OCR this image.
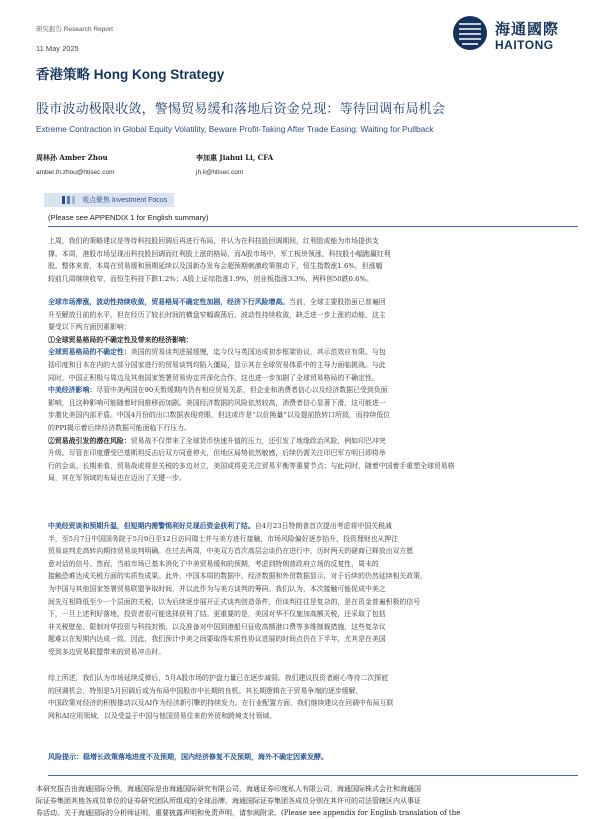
研究报告 Research Report
11 May 2025
海通國際
HAITONG
香港策略 Hong Kong Strategy
股市波动极限收敛，警惕贸易缓和落地后资金兑现：等待回调布局机会
Extreme Contraction in Global Equity Volatility, Beware Profit-Taking After Trade Easing: Waiting for Pullback
周林孙 Amber Zhou
amber.lh.zhou@htisec.com
李加惠 Jiahui Li, CFA
jh.li@htisec.com
观点聚焦 Investment Focus
(Please see APPENDIX 1 for English summary)
上周，我们的策略建议是等待科技股回调后再进行布局，并认为在科技股回调期间，红利股或能为市场提供支
撑。本周，港股市场呈现出科技股回调而红利股上涨的格局，而A股市场中，军工板块领涨，科技股小幅跑赢红利
股。整体来看，本周在贸易缓和预期延续以及国新办发布会超预期刺激政策推动下，恒生指数涨1.6%，但涨幅
较前几周继续收窄，而恒生科技下跌1.2%；A股上证综指涨1.9%，创业板指涨3.3%，两科创50跌0.6%。
全球市场滞涨，波动性持续收敛，贸易格局不确定性加剧，经济下行风险增高。当前，全球主要股指虽已普遍回
升至解放日前的水平，但在经历了较长时间的横盘窄幅震荡后，波动性持续收敛，缺乏进一步上涨的动能，这主
要受以下两方面因素影响：
①全球贸易格局的不确定性及带来的经济影响：
全球贸易格局的不确定性：美国的贸易谈判进展缓慢，迄今仅与英国达成初步框架协议，其示范效应有限。与包
括印度和日本在内的大部分国家进行的贸易谈判均陷入僵局，显示其在全球贸易体系中的主导力面临挑战。与此
同时，中国正积极与周边及其他国家签署贸易协定并深化合作，这也进一步加剧了全球贸易格局的不确定性。
中美经济影响：尽管中美两国在90天暂缓期内仍有相应贸易关系，但企业和消费者信心以及经济数据已受到负面
影响，且这种影响可能随着时间推移而加剧。美国经济数据的风险依然较高，消费者信心显著下滑，这可能进一
步激化美国内部矛盾。中国4月份的出口数据表现亮眼，但这或许是“以价换量”以及提前抢转口所致，而持续低位
的PPI揭示着后续经济数据可能面临下行压力。
②贸易战引发的潜在风险：贸易战不仅带来了全球货币快速升值的压力，还引发了地缘政治风险，例如印巴冲突
升级。尽管在印度遭受巴基斯坦反击后双方同意停火，但地区局势依然敏感，后续仍需关注印巴军方明日即将举
行的会谈。长期来看，贸易战或将是关税的多边对立，美国或将更关注贸易平衡等重要节点；与此同时，随着中国着手重塑全球贸易格
局，其在军领域的布局也在迈出了关键一步。
中美经贸谈和预期升温，但短期内需警惕利好兑现后资金获利了结。自4月23日特朗普首次提出考虑将中国关税减
半，至5月7日中国国务院于5月9日至12日访问瑞士并与美方进行接触，市场风险偏好逐步抬升，投资理财也从押注
贸易谈判走高转向期待贸易谈判明确。在过去两周，中美双方首次高层会谈仍在进行中，历时两天的磋商已释放出双方愿
意对话的信号。然而，当前市场已基本消化了中美贸易缓和的预期，考虑到特朗普政府立场的反复性，周末的
接触恐难达成关税方面的实质性成果。此外，中国本周的数据中，经济数据和外贸数据显示，对于后续的仍然延续相关政策。
为中国与其他国家签署贸易联盟争取时间，并以此作为与美方谈判的筹码。我们认为，本次接触可能促成中美之
间先互相降低至少一个层面的关税，以为后续逐步展开正式谈判创造条件，但谈判往往是复杂的，是在资金普遍积极的信号
下，一旦上述利好落地，投资者很可能选择获利了结。更重要的是，美国对华不仅施加高额关税，还采取了包括
非关税壁垒、限制对华投资与科技封锁，以及准备对中国到港船只征收高额港口费等多维制裁措施，这些复杂议
题难以在短期内达成一致。因此，我们预计中美之间要取得实质性协议进展的时间点仍在下半年，尤其是在美国
受到多边贸易联盟带来的贸易冲击时。
综上所述，我们认为市场延续反弹后，5月A股市场的护盘力量已在逐步减弱。我们建议投资者耐心等待二次探底
的回调机会，特别是5月回调后或为布局中国股市中长期的良机。其长期逻辑在于贸易争端的逐步缓解，
中国政策对经济的积极推动以及AI作为经济新引擎的持续发力。在行业配置方面，我们继续建议在回调中布局互联
网和AI应用领域，以及受益于中国与他国贸易往来的外贸和跨境支付领域。
风险提示：稳增长政策落地进度不及预期，国内经济修复不及预期，海外不确定因素发酵。
本研究报告由海通国际分销，海通国际是由海通国际研究有限公司，海通证券印度私人有限公司，海通国际株式会社和海通国
际证券集团其他各成员单位的证券研究团队所组成的全球品牌，海通国际证券集团各成员分别在其许可的司法管辖区内从事证
券活动。关于海通国际的分析师证明，重要披露声明和免责声明，请参阅附录。(Please see appendix for English translation of the
